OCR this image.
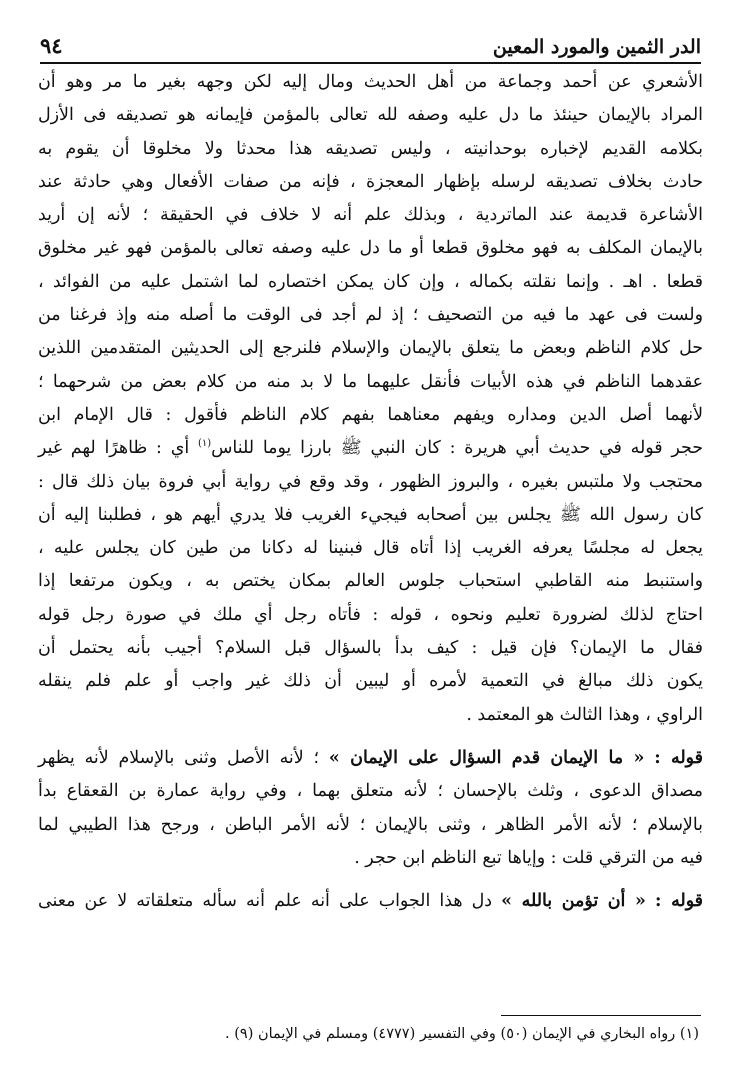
الدر الثمين والمورد المعين
٩٤
الأشعري عن أحمد وجماعة من أهل الحديث ومال إليه لكن وجهه بغير ما مر وهو أن
المراد بالإيمان حينئذ ما دل عليه وصفه لله تعالى بالمؤمن فإيمانه هو تصديقه فى الأزل
بكلامه القديم لإخباره بوحدانيته ، وليس تصديقه هذا محدثا ولا مخلوقا أن يقوم به
حادث بخلاف تصديقه لرسله بإظهار المعجزة ، فإنه من صفات الأفعال وهي حادثة عند
الأشاعرة قديمة عند الماتردية ، وبذلك علم أنه لا خلاف في الحقيقة ؛ لأنه إن أريد
بالإيمان المكلف به فهو مخلوق قطعا أو ما دل عليه وصفه تعالى بالمؤمن فهو غير مخلوق
قطعا . اهـ . وإنما نقلته بكماله ، وإن كان يمكن اختصاره لما اشتمل عليه من الفوائد ،
ولست فى عهد ما فيه من التصحيف ؛ إذ لم أجد فى الوقت ما أصله منه وإذ فرغنا من
حل كلام الناظم وبعض ما يتعلق بالإيمان والإسلام فلنرجع إلى الحديثين المتقدمين اللذين
عقدهما الناظم في هذه الأبيات فأنقل عليهما ما لا بد منه من كلام بعض من شرحهما ؛
لأنهما أصل الدين ومداره ويفهم معناهما بفهم كلام الناظم فأقول : قال الإمام ابن
حجر قوله في حديث أبي هريرة : كان النبي ﷺ بارزا يوما للناس$^{(١)}$ أي : ظاهرًا لهم غير
محتجب ولا ملتبس بغيره ، والبروز الظهور ، وقد وقع في رواية أبي فروة بيان ذلك قال :
كان رسول الله ﷺ يجلس بين أصحابه فيجيء الغريب فلا يدري أيهم هو ، فطلبنا إليه أن
يجعل له مجلسًا يعرفه الغريب إذا أتاه قال فبنينا له دكانا من طين كان يجلس عليه ،
واستنبط منه القاطبي استحباب جلوس العالم بمكان يختص به ، ويكون مرتفعا إذا
احتاج لذلك لضرورة تعليم ونحوه ، قوله : فأتاه رجل أي ملك في صورة رجل قوله
فقال ما الإيمان؟ فإن قيل : كيف بدأ بالسؤال قبل السلام؟ أجيب بأنه يحتمل أن
يكون ذلك مبالغ في التعمية لأمره أو ليبين أن ذلك غير واجب أو علم فلم ينقله
الراوي ، وهذا الثالث هو المعتمد .
قوله : « ما الإيمان قدم السؤال على الإيمان » ؛ لأنه الأصل وثنى بالإسلام لأنه يظهر
مصداق الدعوى ، وثلث بالإحسان ؛ لأنه متعلق بهما ، وفي رواية عمارة بن القعقاع بدأ
بالإسلام ؛ لأنه الأمر الظاهر ، وثنى بالإيمان ؛ لأنه الأمر الباطن ، ورجح هذا الطيبي لما
فيه من الترقي قلت : وإياها تبع الناظم ابن حجر .
قوله : « أن تؤمن بالله » دل هذا الجواب على أنه علم أنه سأله متعلقاته لا عن معنى
(١) رواه البخاري في الإيمان (٥٠) وفي التفسير (٤٧٧٧) ومسلم في الإيمان (٩) .
